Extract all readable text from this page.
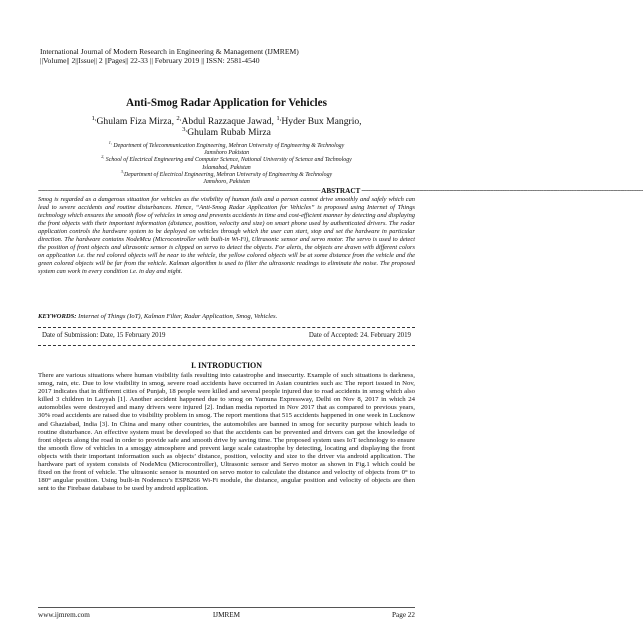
International Journal of Modern Research in Engineering & Management (IJMREM)
||Volume|| 2||Issue|| 2 ||Pages|| 22-33 || February 2019 || ISSN: 2581-4540
Anti-Smog Radar Application for Vehicles
$^{1,}$Ghulam Fiza Mirza, $^{2,}$Abdul Razzaque Jawad, $^{1,}$Hyder Bux Mangrio,
$^{3,}$Ghulam Rubab Mirza
$^{1,}$ Department of Telecommunication Engineering, Mehran University of Engineering & Technology
Jamshoro Pakistan
$^{2,}$ School of Electrical Engineering and Computer Science, National University of Science and Technology
Islamabad, Pakistan
$^{3,}$Department of Electrical Engineering, Mehran University of Engineering & Technology
Jamshoro, Pakistan
---------------------------------------------------------------------------------------------------------------------------------------------------------------- ABSTRACT ----------------------------------------------------------------------------------------------------------------------------------------------------------------
Smog is regarded as a dangerous situation for vehicles as the visibility of human fails and a person cannot drive smoothly and safely which can lead to severe accidents and routine disturbances. Hence, “Anti-Smog Radar Application for Vehicles” is proposed using Internet of Things technology which ensures the smooth flow of vehicles in smog and prevents accidents in time and cost-efficient manner by detecting and displaying the front objects with their important information (distance, position, velocity and size) on smart phone used by authenticated drivers. The radar application controls the hardware system to be deployed on vehicles through which the user can start, stop and set the hardware in particular direction. The hardware contains NodeMcu (Microcontroller with built-in Wi-Fi), Ultrasonic sensor and servo motor. The servo is used to detect the position of front objects and ultrasonic sensor is clipped on servo to detect the objects. For alerts, the objects are drawn with different colors on application i.e. the red colored objects will be near to the vehicle, the yellow colored objects will be at some distance from the vehicle and the green colored objects will be far from the vehicle. Kalman algorithm is used to filter the ultrasonic readings to eliminate the noise. The proposed system can work in every condition i.e. in day and night.
KEYWORDS: Internet of Things (IoT), Kalman Filter, Radar Application, Smog, Vehicles.
Date of Submission: Date, 15 February 2019	Date of Accepted: 24. February 2019
I. INTRODUCTION
There are various situations where human visibility fails resulting into catastrophe and insecurity. Example of such situations is darkness, smog, rain, etc. Due to low visibility in smog, severe road accidents have occurred in Asian countries such as: The report issued in Nov, 2017 indicates that in different cities of Punjab, 18 people were killed and several people injured due to road accidents in smog which also killed 3 children in Layyah [1]. Another accident happened due to smog on Yamuna Expressway, Delhi on Nov 8, 2017 in which 24 automobiles were destroyed and many drivers were injured [2]. Indian media reported in Nov 2017 that as compared to previous years, 30% road accidents are raised due to visibility problem in smog. The report mentions that 515 accidents happened in one week in Lucknow and Ghaziabad, India [3]. In China and many other countries, the automobiles are banned in smog for security purpose which leads to routine disturbance. An effective system must be developed so that the accidents can be prevented and drivers can get the knowledge of front objects along the road in order to provide safe and smooth drive by saving time. The proposed system uses IoT technology to ensure the smooth flow of vehicles in a smoggy atmosphere and prevent large scale catastrophe by detecting, locating and displaying the front objects with their important information such as objects’ distance, position, velocity and size to the driver via android application. The hardware part of system consists of NodeMcu (Microcontroller), Ultrasonic sensor and Servo motor as shown in Fig.1 which could be fixed on the front of vehicle. The ultrasonic sensor is mounted on servo motor to calculate the distance and velocity of objects from 0° to 180° angular position. Using built-in Nodemcu’s ESP8266 Wi-Fi module, the distance, angular position and velocity of objects are then sent to the Firebase database to be used by android application.
www.ijmrem.com	IJMREM	Page 22
